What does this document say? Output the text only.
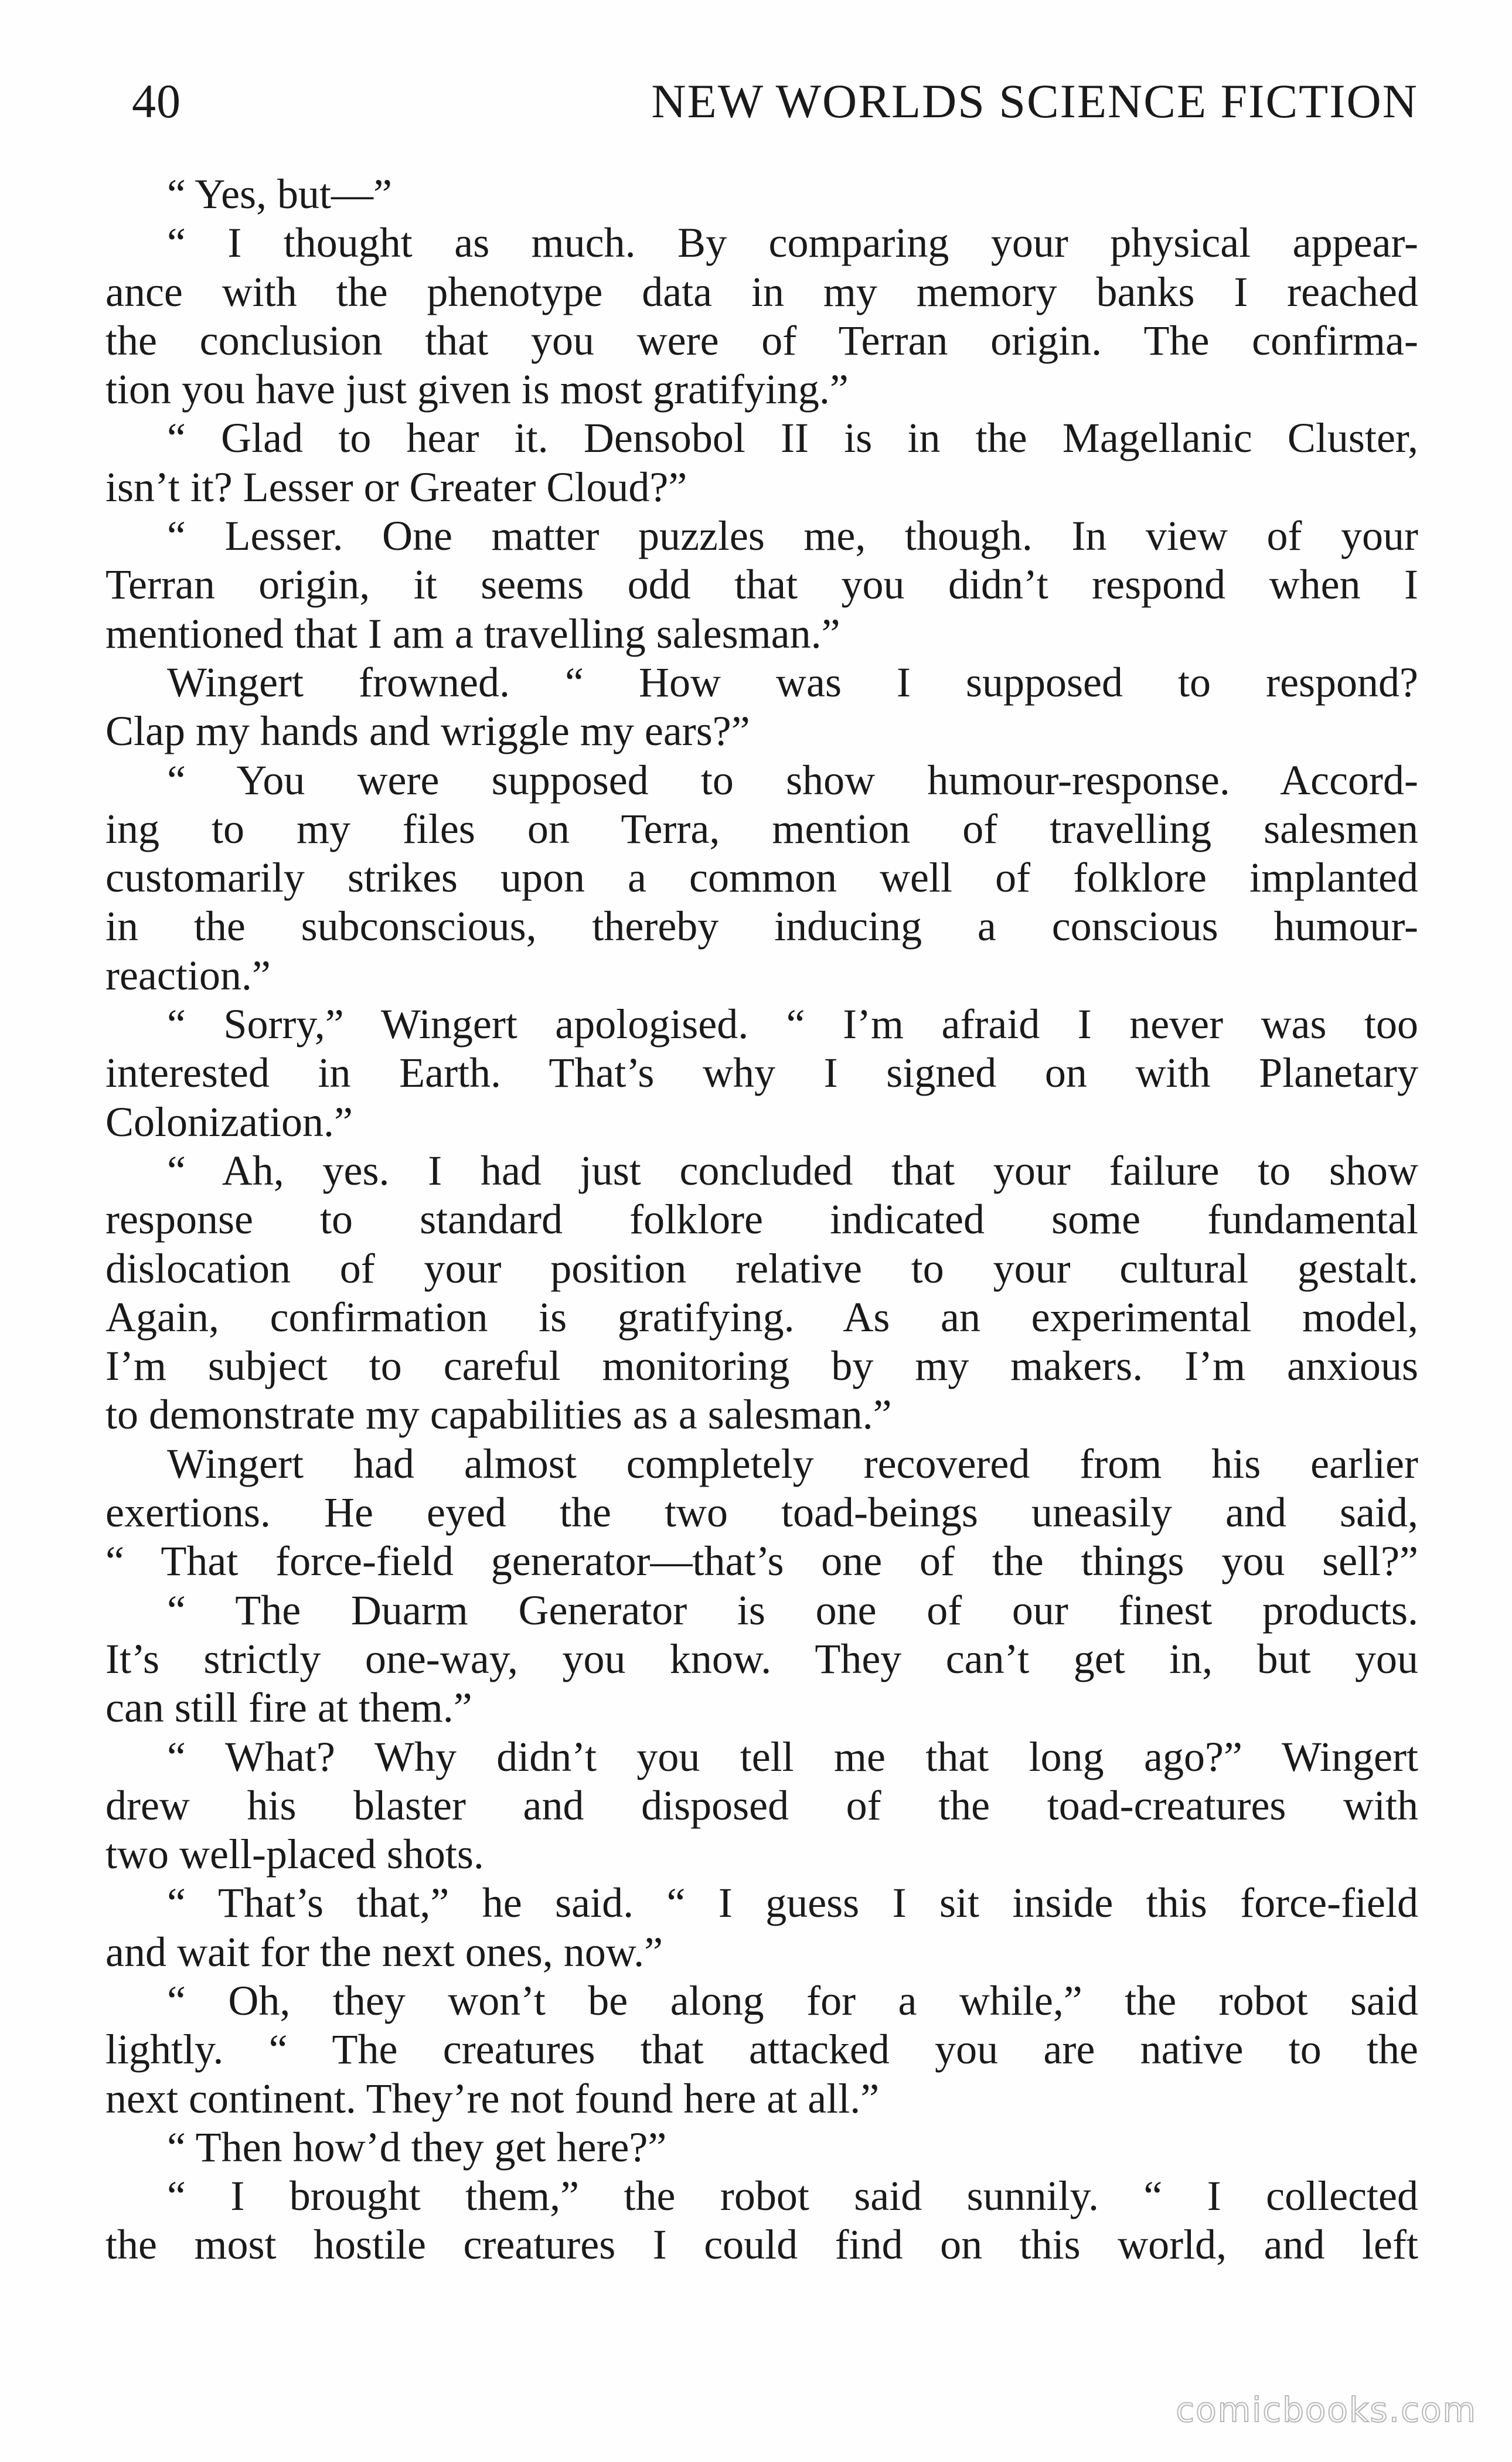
40	NEW WORLDS SCIENCE FICTION
“ Yes, but—”
“ I thought as much. By comparing your physical appear-
ance with the phenotype data in my memory banks I reached
the conclusion that you were of Terran origin. The confirma-
tion you have just given is most gratifying.”
“ Glad to hear it. Densobol II is in the Magellanic Cluster,
isn’t it? Lesser or Greater Cloud?”
“ Lesser. One matter puzzles me, though. In view of your
Terran origin, it seems odd that you didn’t respond when I
mentioned that I am a travelling salesman.”
Wingert frowned. “ How was I supposed to respond?
Clap my hands and wriggle my ears?”
“ You were supposed to show humour-response. Accord-
ing to my files on Terra, mention of travelling salesmen
customarily strikes upon a common well of folklore implanted
in the subconscious, thereby inducing a conscious humour-
reaction.”
“ Sorry,” Wingert apologised. “ I’m afraid I never was too
interested in Earth. That’s why I signed on with Planetary
Colonization.”
“ Ah, yes. I had just concluded that your failure to show
response to standard folklore indicated some fundamental
dislocation of your position relative to your cultural gestalt.
Again, confirmation is gratifying. As an experimental model,
I’m subject to careful monitoring by my makers. I’m anxious
to demonstrate my capabilities as a salesman.”
Wingert had almost completely recovered from his earlier
exertions. He eyed the two toad-beings uneasily and said,
“ That force-field generator—that’s one of the things you sell?”
“ The Duarm Generator is one of our finest products.
It’s strictly one-way, you know. They can’t get in, but you
can still fire at them.”
“ What? Why didn’t you tell me that long ago?” Wingert
drew his blaster and disposed of the toad-creatures with
two well-placed shots.
“ That’s that,” he said. “ I guess I sit inside this force-field
and wait for the next ones, now.”
“ Oh, they won’t be along for a while,” the robot said
lightly. “ The creatures that attacked you are native to the
next continent. They’re not found here at all.”
“ Then how’d they get here?”
“ I brought them,” the robot said sunnily. “ I collected
the most hostile creatures I could find on this world, and left
comicbooks.com
